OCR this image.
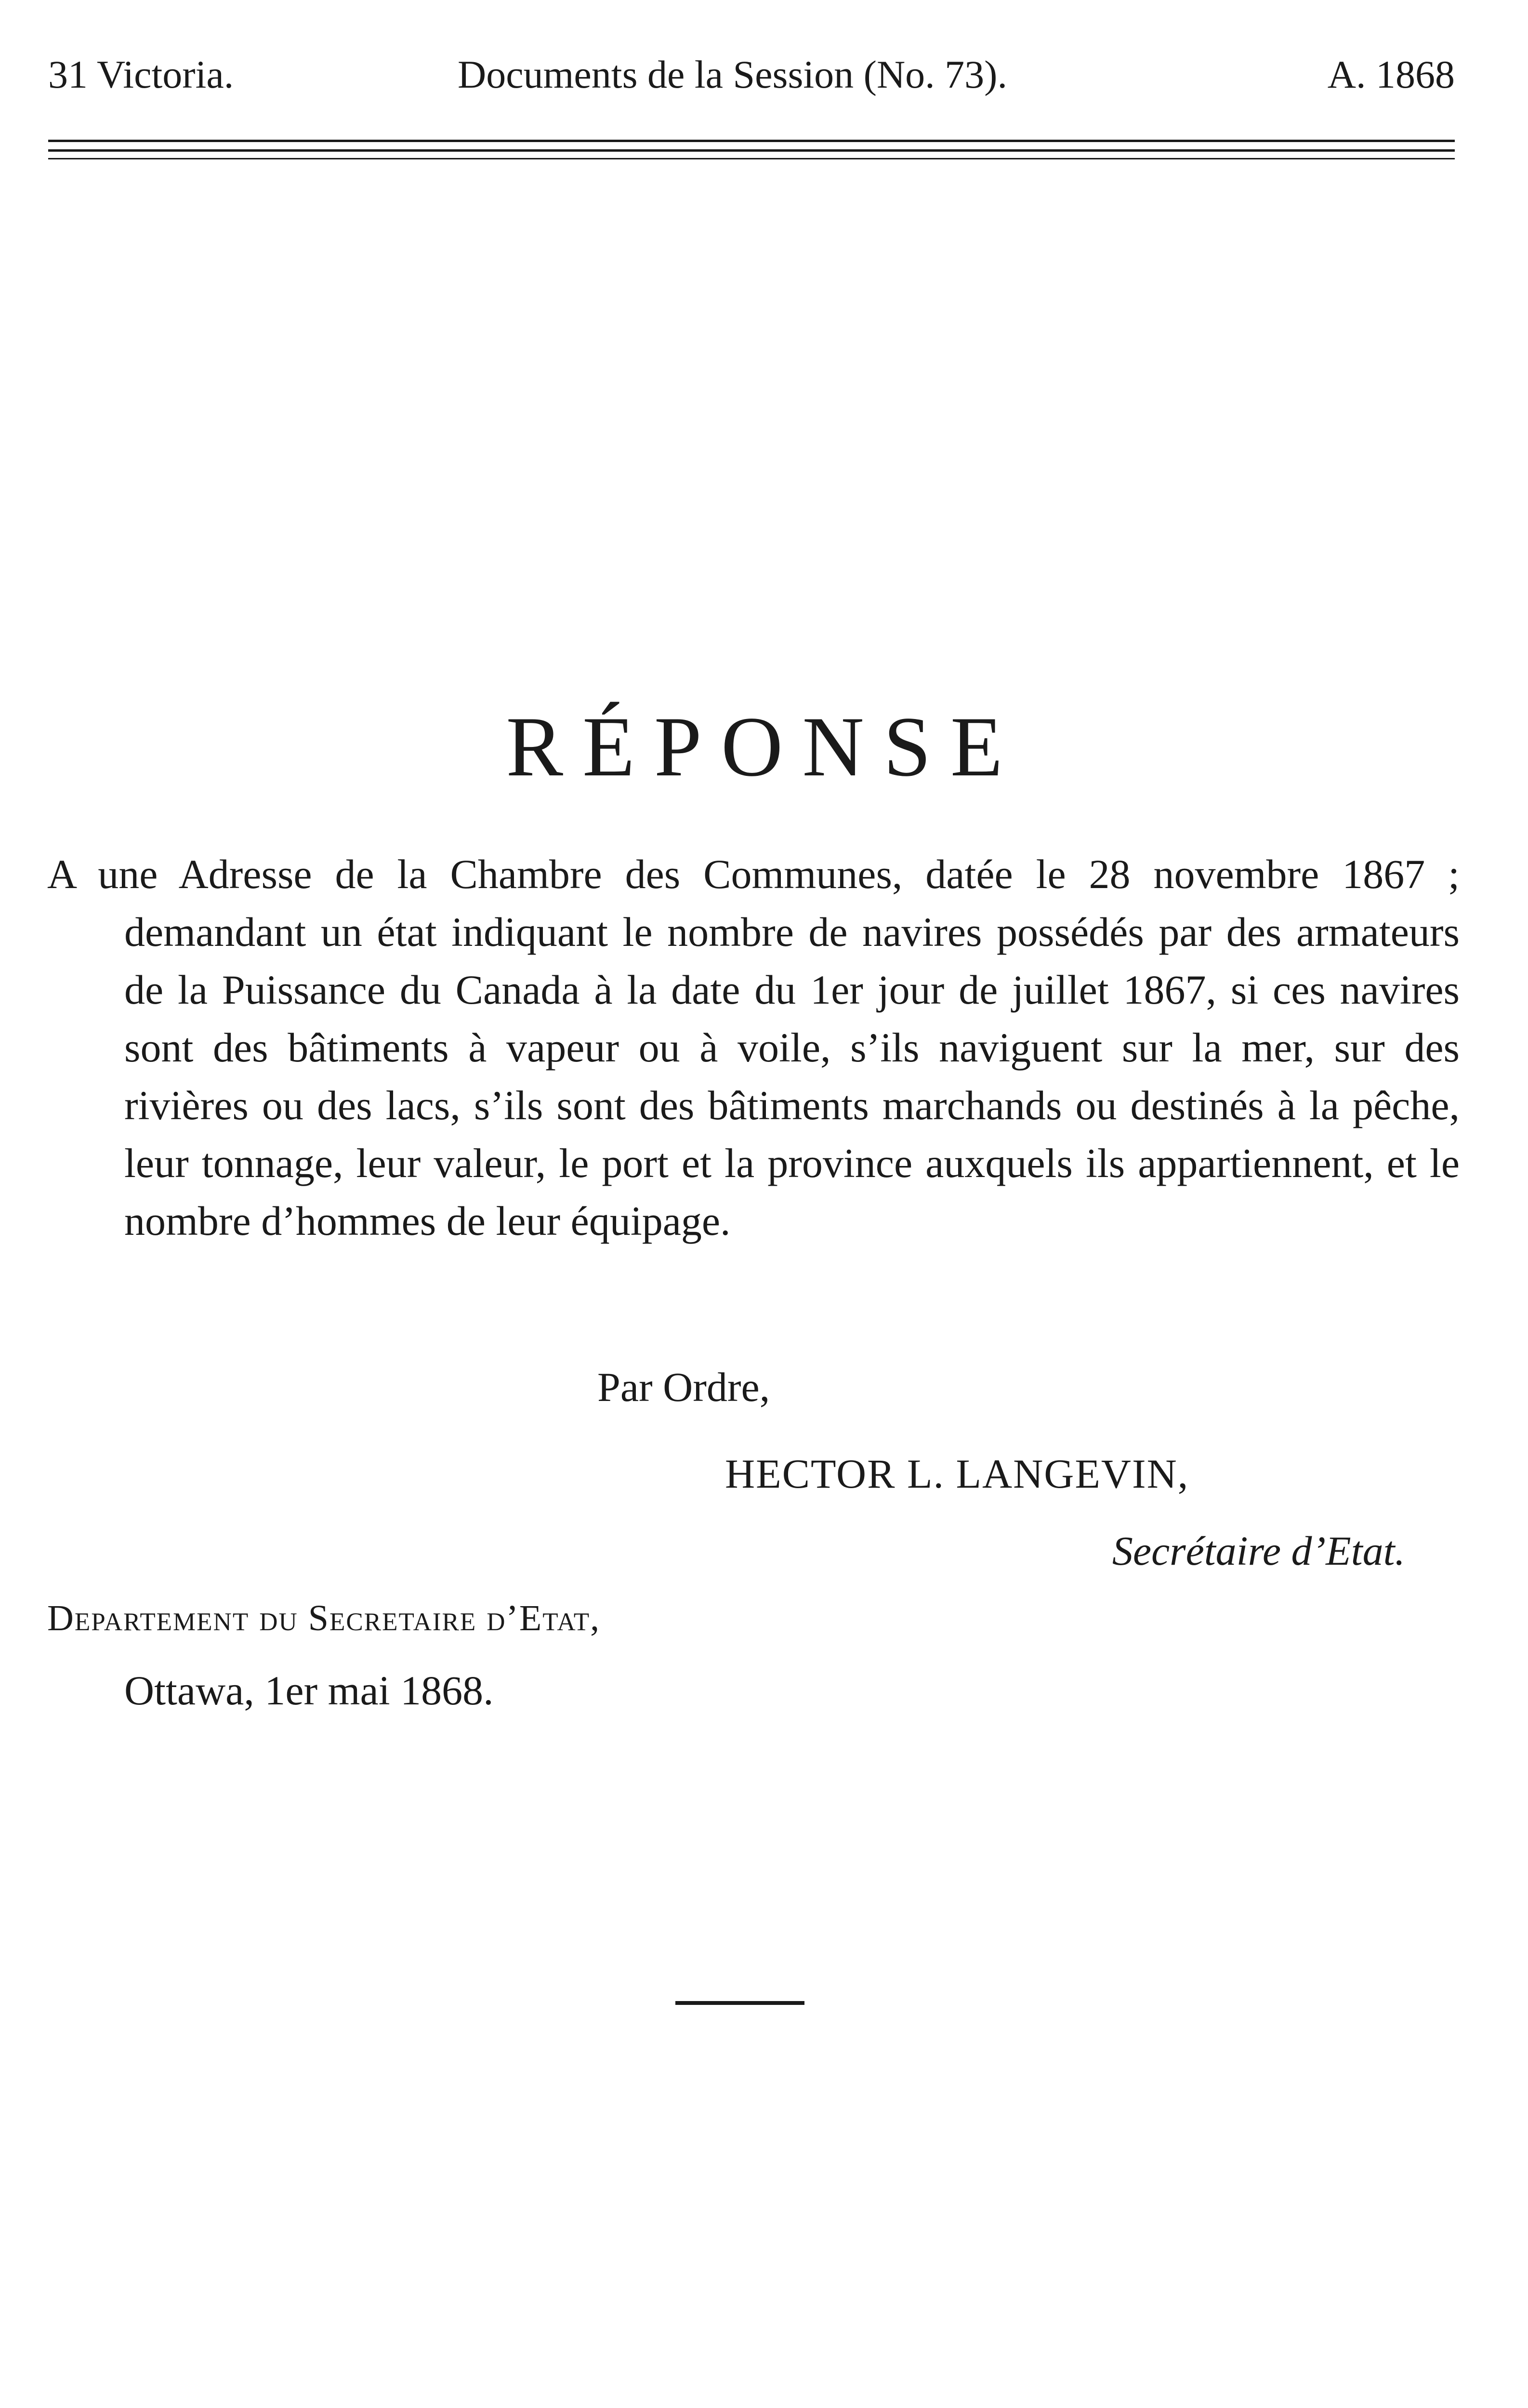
31 Victoria.	Documents de la Session (No. 73).	A. 1868
RÉPONSE

A une Adresse de la Chambre des Communes, datée le 28 novembre 1867 ; demandant un état indiquant le nombre de navires possédés par des armateurs de la Puissance du Canada à la date du 1er jour de juillet 1867, si ces navires sont des bâtiments à vapeur ou à voile, s’ils naviguent sur la mer, sur des rivières ou des lacs, s’ils sont des bâtiments marchands ou destinés à la pêche, leur tonnage, leur valeur, le port et la province auxquels ils appartiennent, et le nombre d’hommes de leur équipage.

Par Ordre,
HECTOR L. LANGEVIN,
Secrétaire d’Etat.
Departement du Secretaire d’Etat,
Ottawa, 1er mai 1868.
